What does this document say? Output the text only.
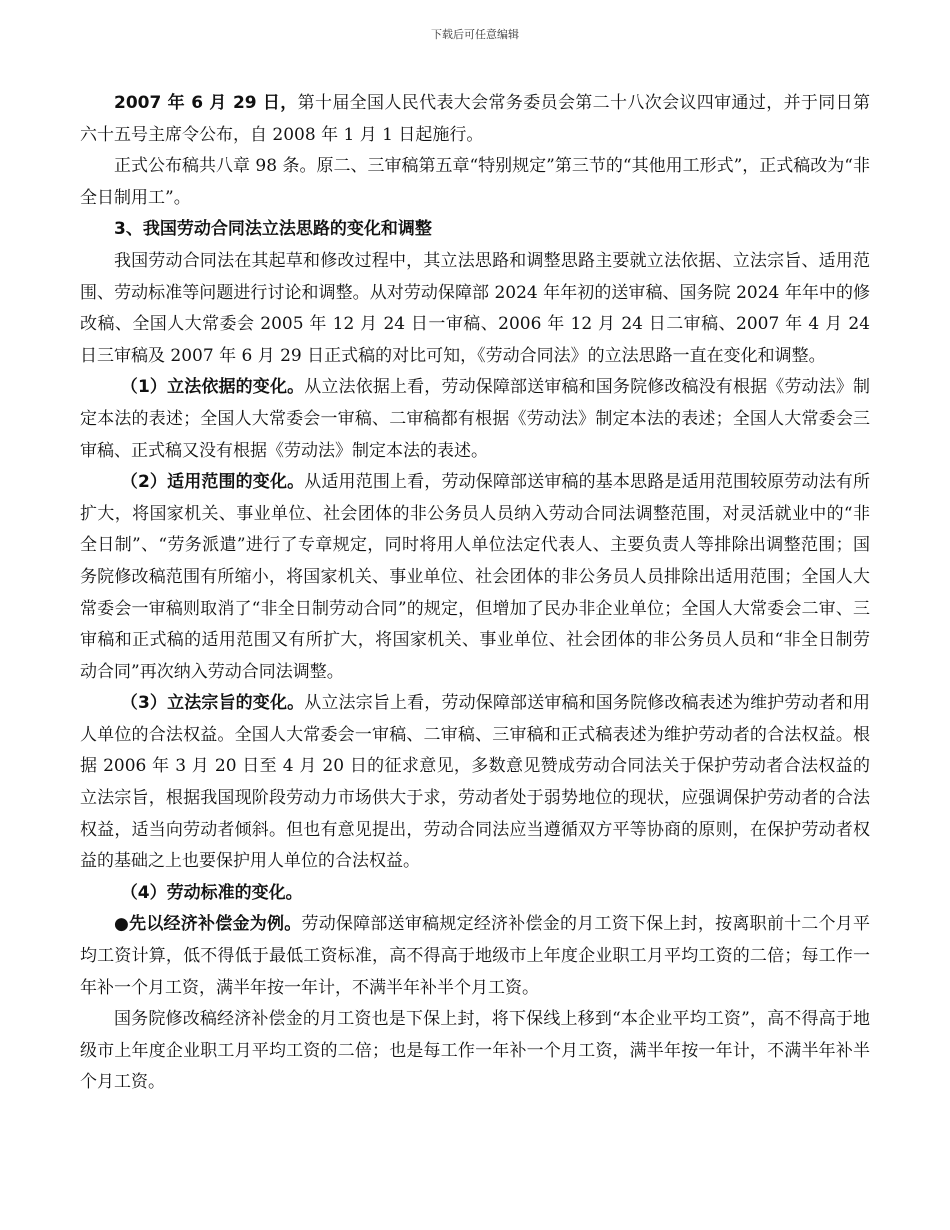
下载后可任意编辑

2007 年 6 月 29 日，第十届全国人民代表大会常务委员会第二十八次会议四审通过，并于同日第六十五号主席令公布，自 2008 年 1 月 1 日起施行。

正式公布稿共八章 98 条。原二、三审稿第五章“特别规定”第三节的“其他用工形式”，正式稿改为“非全日制用工”。

3、我国劳动合同法立法思路的变化和调整

我国劳动合同法在其起草和修改过程中，其立法思路和调整思路主要就立法依据、立法宗旨、适用范围、劳动标准等问题进行讨论和调整。从对劳动保障部 2024 年年初的送审稿、国务院 2024 年年中的修改稿、全国人大常委会 2005 年 12 月 24 日一审稿、2006 年 12 月 24 日二审稿、2007 年 4 月 24 日三审稿及 2007 年 6 月 29 日正式稿的对比可知，《劳动合同法》的立法思路一直在变化和调整。

（1）立法依据的变化。从立法依据上看，劳动保障部送审稿和国务院修改稿没有根据《劳动法》制定本法的表述；全国人大常委会一审稿、二审稿都有根据《劳动法》制定本法的表述；全国人大常委会三审稿、正式稿又没有根据《劳动法》制定本法的表述。

（2）适用范围的变化。从适用范围上看，劳动保障部送审稿的基本思路是适用范围较原劳动法有所扩大，将国家机关、事业单位、社会团体的非公务员人员纳入劳动合同法调整范围，对灵活就业中的“非全日制”、“劳务派遣”进行了专章规定，同时将用人单位法定代表人、主要负责人等排除出调整范围；国务院修改稿范围有所缩小，将国家机关、事业单位、社会团体的非公务员人员排除出适用范围；全国人大常委会一审稿则取消了“非全日制劳动合同”的规定，但增加了民办非企业单位；全国人大常委会二审、三审稿和正式稿的适用范围又有所扩大，将国家机关、事业单位、社会团体的非公务员人员和“非全日制劳动合同”再次纳入劳动合同法调整。

（3）立法宗旨的变化。从立法宗旨上看，劳动保障部送审稿和国务院修改稿表述为维护劳动者和用人单位的合法权益。全国人大常委会一审稿、二审稿、三审稿和正式稿表述为维护劳动者的合法权益。根据 2006 年 3 月 20 日至 4 月 20 日的征求意见，多数意见赞成劳动合同法关于保护劳动者合法权益的立法宗旨，根据我国现阶段劳动力市场供大于求，劳动者处于弱势地位的现状，应强调保护劳动者的合法权益，适当向劳动者倾斜。但也有意见提出，劳动合同法应当遵循双方平等协商的原则，在保护劳动者权益的基础之上也要保护用人单位的合法权益。

（4）劳动标准的变化。

●先以经济补偿金为例。劳动保障部送审稿规定经济补偿金的月工资下保上封，按离职前十二个月平均工资计算，低不得低于最低工资标准，高不得高于地级市上年度企业职工月平均工资的二倍；每工作一年补一个月工资，满半年按一年计，不满半年补半个月工资。

国务院修改稿经济补偿金的月工资也是下保上封，将下保线上移到“本企业平均工资”，高不得高于地级市上年度企业职工月平均工资的二倍；也是每工作一年补一个月工资，满半年按一年计，不满半年补半个月工资。
